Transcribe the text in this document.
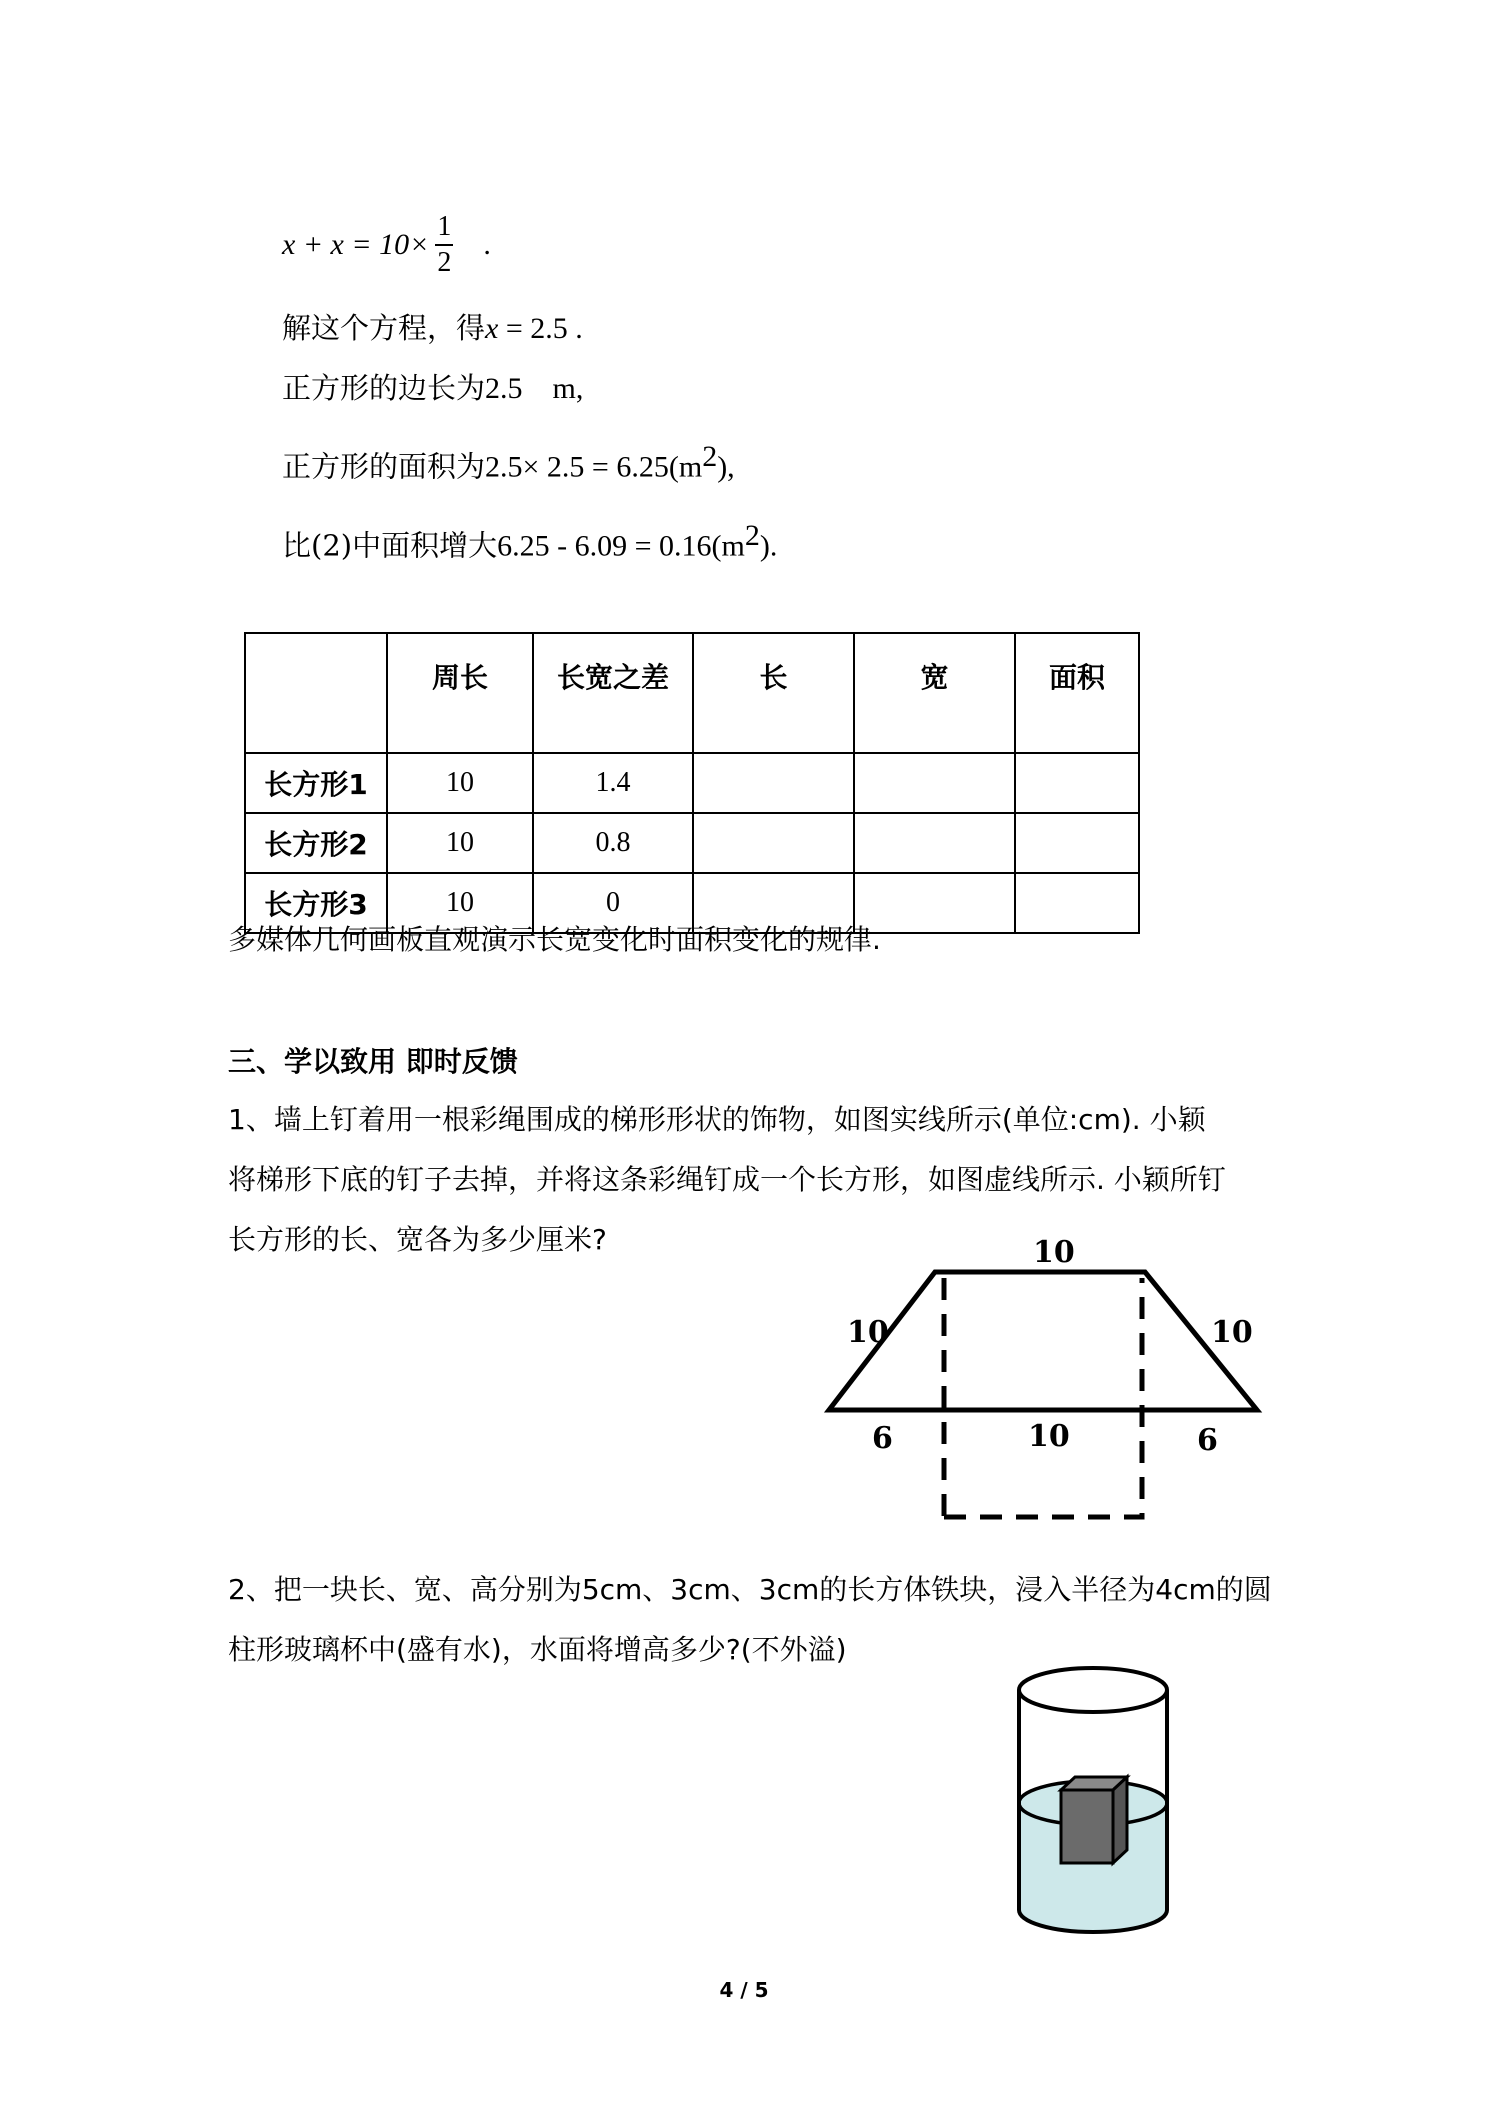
$x + x = 10\times \frac{1}{2}$ .
解这个方程，得x = 2.5 .
正方形的边长为2.5　m,
正方形的面积为$2.5\times 2.5 = 6.25(m^2)$,
比(2)中面积增大$6.25 - 6.09 = 0.16(m^2)$.
	周长	长宽之差	长	宽	面积
长方形1	10	1.4			
长方形2	10	0.8			
长方形3	10	0			
多媒体几何画板直观演示长宽变化时面积变化的规律.
三、学以致用 即时反馈
1、墙上钉着用一根彩绳围成的梯形形状的饰物，如图实线所示(单位:cm). 小颖
将梯形下底的钉子去掉，并将这条彩绳钉成一个长方形，如图虚线所示. 小颖所钉
长方形的长、宽各为多少厘米?	10
10	10
6	10	6
2、把一块长、宽、高分别为5cm、3cm、3cm的长方体铁块，浸入半径为4cm的圆
柱形玻璃杯中(盛有水)，水面将增高多少?(不外溢)
4 / 5
